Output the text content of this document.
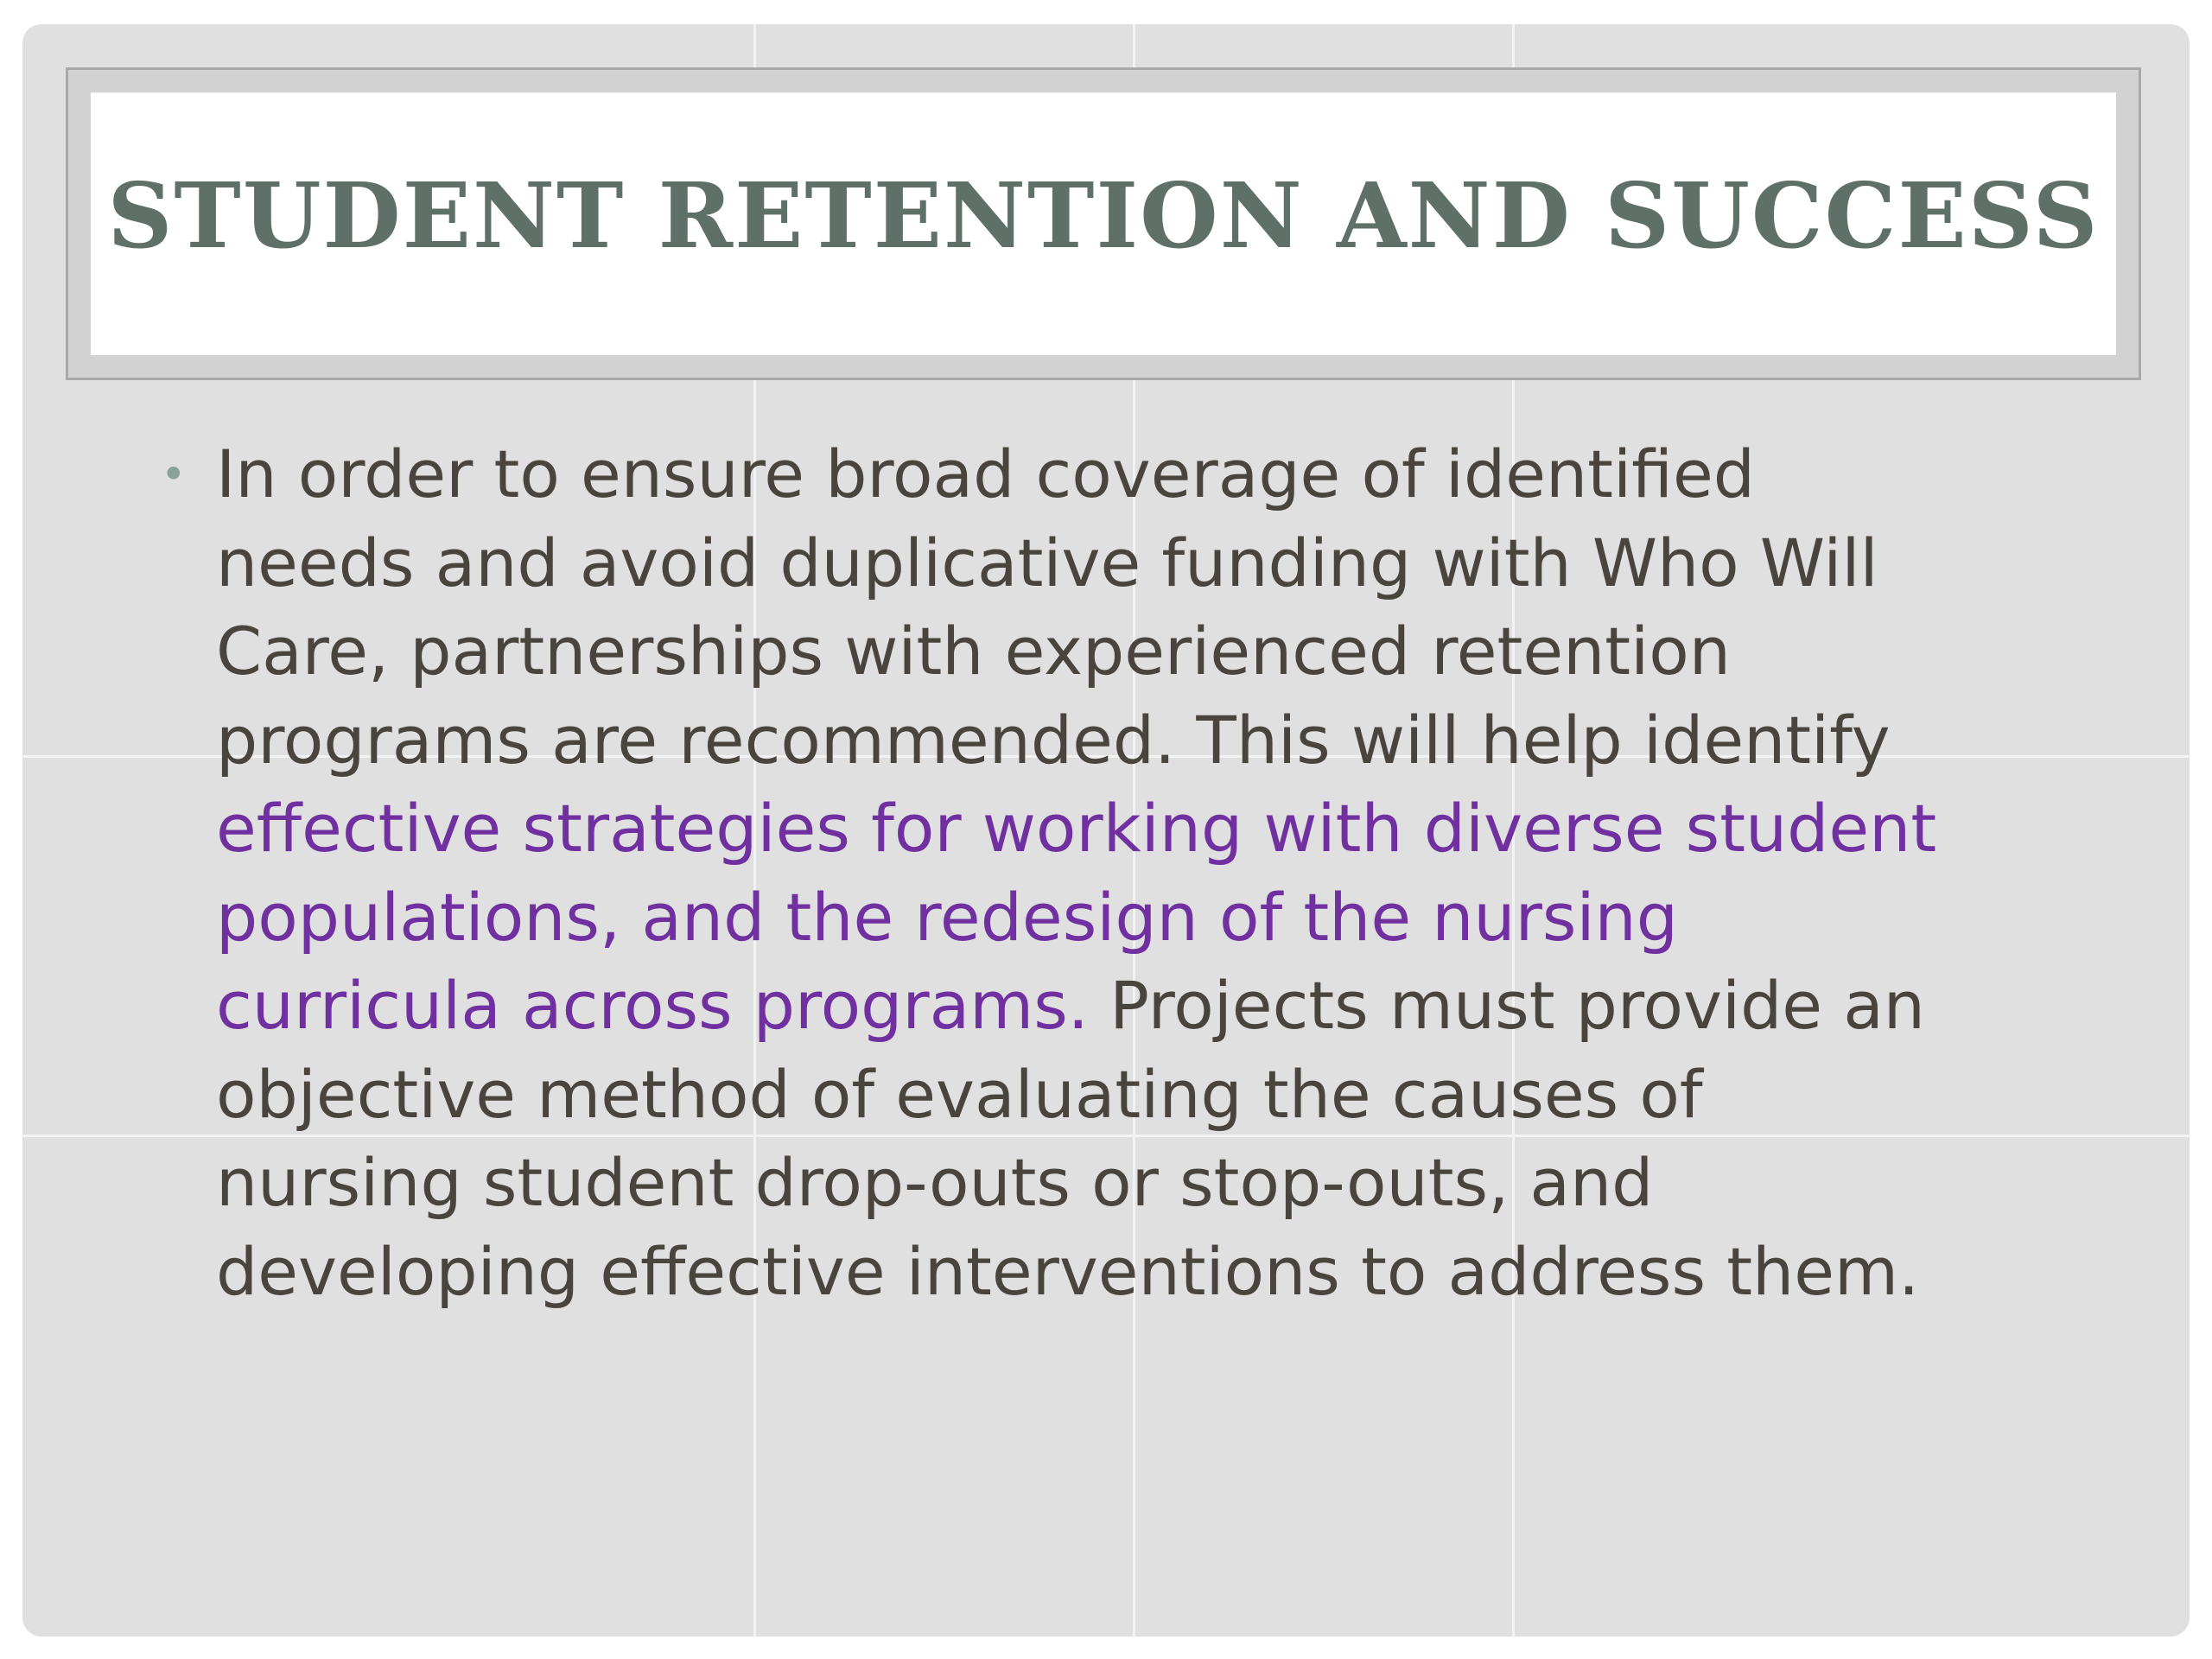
STUDENT RETENTION AND SUCCESS
• In order to ensure broad coverage of identified
needs and avoid duplicative funding with Who Will
Care, partnerships with experienced retention
programs are recommended. This will help identify
effective strategies for working with diverse student
populations, and the redesign of the nursing
curricula across programs. Projects must provide an
objective method of evaluating the causes of
nursing student drop-outs or stop-outs, and
developing effective interventions to address them.
